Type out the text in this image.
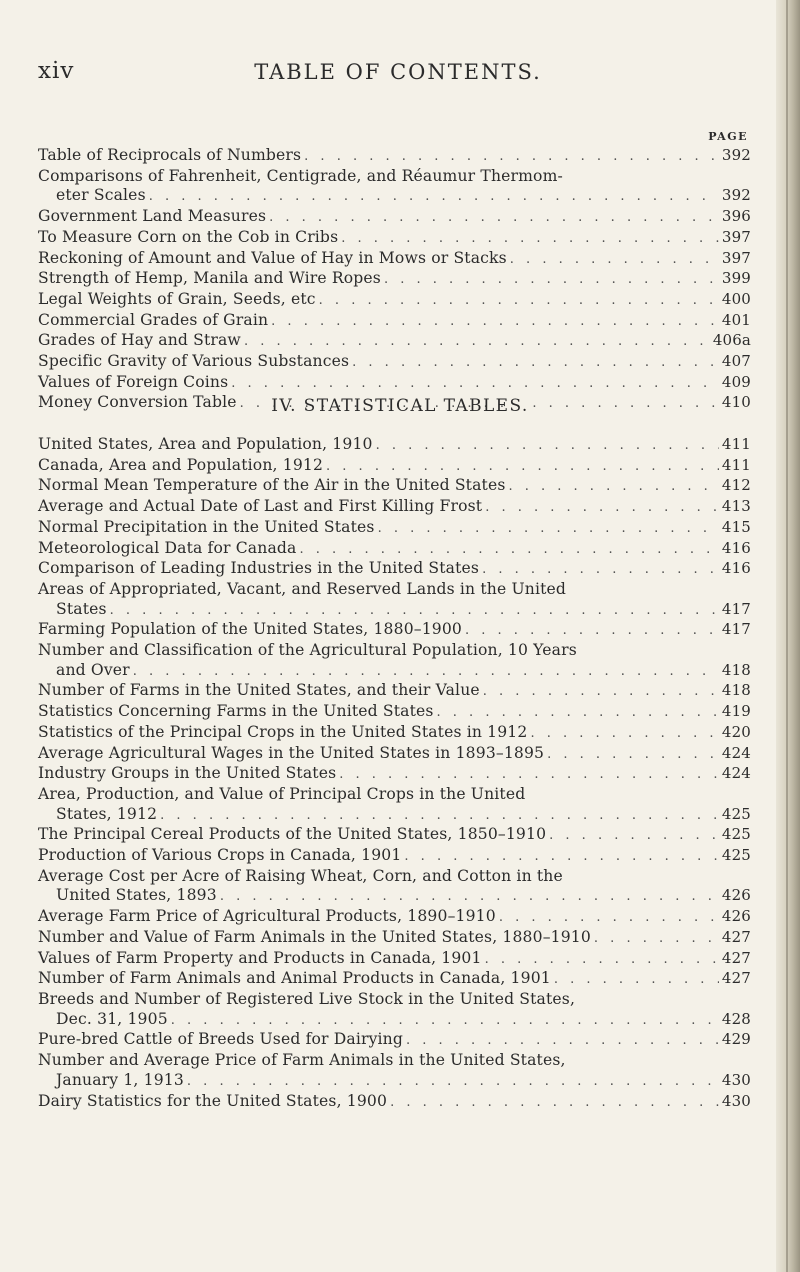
xiv	TABLE OF CONTENTS.
PAGE
Table of Reciprocals of Numbers . . .	392
Comparisons of Fahrenheit, Centigrade, and Réaumur Thermom-
eter Scales . . .	392
Government Land Measures . . .	396
To Measure Corn on the Cob in Cribs . . .	397
Reckoning of Amount and Value of Hay in Mows or Stacks . . .	397
Strength of Hemp, Manila and Wire Ropes . . .	399
Legal Weights of Grain, Seeds, etc . . .	400
Commercial Grades of Grain . . .	401
Grades of Hay and Straw . . .	406a
Specific Gravity of Various Substances . . .	407
Values of Foreign Coins . . .	409
Money Conversion Table . . .	410
IV. STATISTICAL TABLES.
United States, Area and Population, 1910 . . .	411
Canada, Area and Population, 1912 . . .	411
Normal Mean Temperature of the Air in the United States . . .	412
Average and Actual Date of Last and First Killing Frost . . .	413
Normal Precipitation in the United States . . .	415
Meteorological Data for Canada . . .	416
Comparison of Leading Industries in the United States . . .	416
Areas of Appropriated, Vacant, and Reserved Lands in the United
States . . .	417
Farming Population of the United States, 1880–1900 . . .	417
Number and Classification of the Agricultural Population, 10 Years
and Over . . .	418
Number of Farms in the United States, and their Value . . .	418
Statistics Concerning Farms in the United States . . .	419
Statistics of the Principal Crops in the United States in 1912 . . .	420
Average Agricultural Wages in the United States in 1893–1895 . . .	424
Industry Groups in the United States . . .	424
Area, Production, and Value of Principal Crops in the United
States, 1912 . . .	425
The Principal Cereal Products of the United States, 1850–1910 . . .	425
Production of Various Crops in Canada, 1901 . . .	425
Average Cost per Acre of Raising Wheat, Corn, and Cotton in the
United States, 1893 . . .	426
Average Farm Price of Agricultural Products, 1890–1910 . . .	426
Number and Value of Farm Animals in the United States, 1880–1910 . . .	427
Values of Farm Property and Products in Canada, 1901 . . .	427
Number of Farm Animals and Animal Products in Canada, 1901 . . .	427
Breeds and Number of Registered Live Stock in the United States,
Dec. 31, 1905 . . .	428
Pure-bred Cattle of Breeds Used for Dairying . . .	429
Number and Average Price of Farm Animals in the United States,
January 1, 1913 . . .	430
Dairy Statistics for the United States, 1900 . . .	430
